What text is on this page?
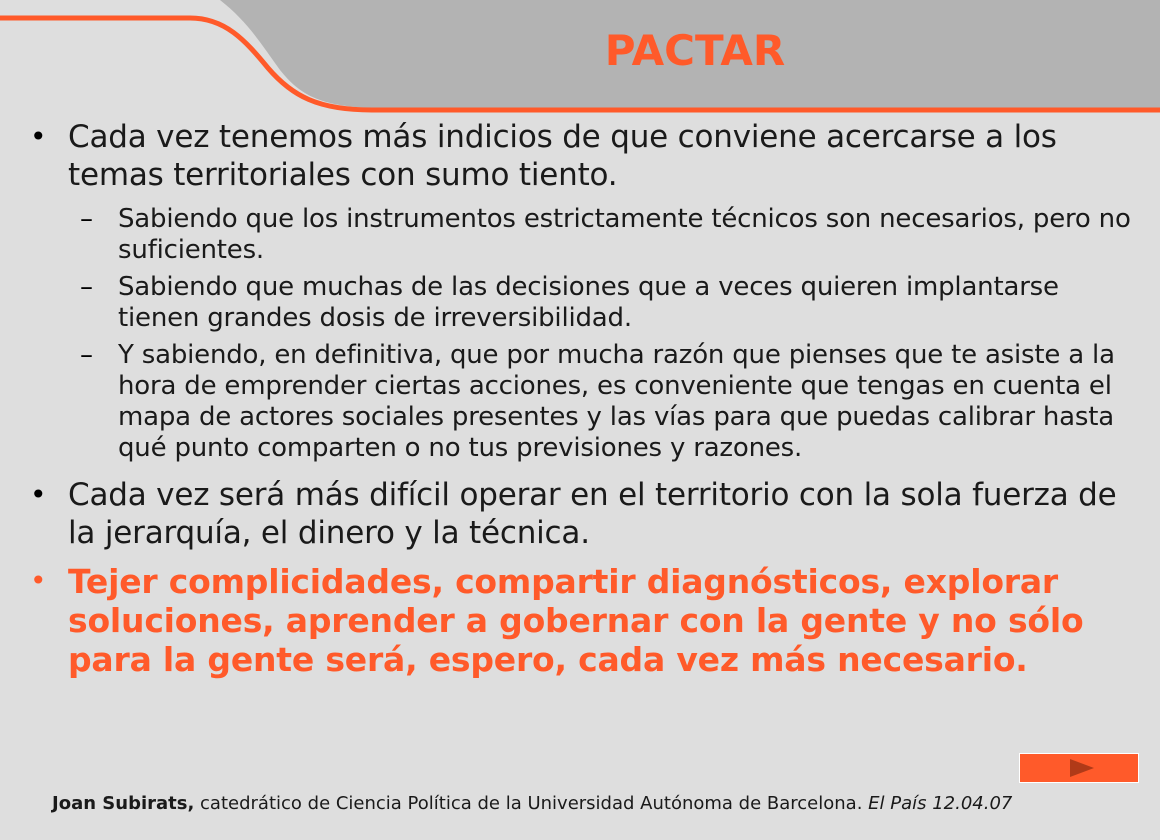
PACTAR
• Cada vez tenemos más indicios de que conviene acercarse a los temas territoriales con sumo tiento.
– Sabiendo que los instrumentos estrictamente técnicos son necesarios, pero no suficientes.
– Sabiendo que muchas de las decisiones que a veces quieren implantarse tienen grandes dosis de irreversibilidad.
– Y sabiendo, en definitiva, que por mucha razón que pienses que te asiste a la hora de emprender ciertas acciones, es conveniente que tengas en cuenta el mapa de actores sociales presentes y las vías para que puedas calibrar hasta qué punto comparten o no tus previsiones y razones.
• Cada vez será más difícil operar en el territorio con la sola fuerza de la jerarquía, el dinero y la técnica.
• Tejer complicidades, compartir diagnósticos, explorar soluciones, aprender a gobernar con la gente y no sólo para la gente será, espero, cada vez más necesario.
Joan Subirats, catedrático de Ciencia Política de la Universidad Autónoma de Barcelona. El País 12.04.07
